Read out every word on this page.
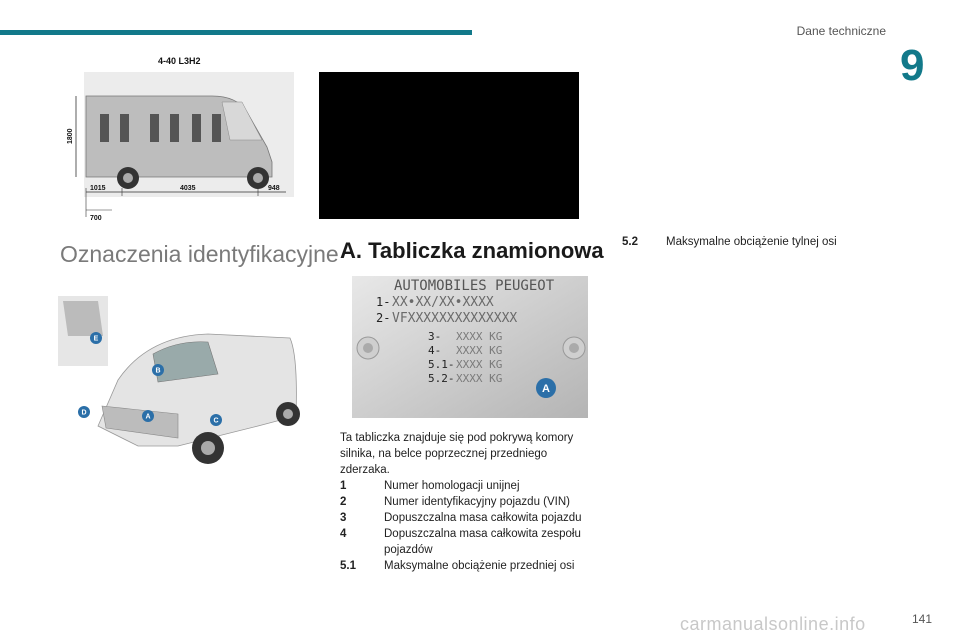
Dane techniczne
9
4-40 L3H2
1800
1015	4035	948
700
Oznaczenia identyfikacyjne
A
B
C
D
E
A. Tabliczka znamionowa
AUTOMOBILES PEUGEOT
1- XX•XX/XX•XXXX
2- VFXXXXXXXXXXXXXX
3- XXXX KG
4- XXXX KG
5.1- XXXX KG
5.2- XXXX KG
A

Ta tabliczka znajduje się pod pokrywą komory silnika, na belce poprzecznej przedniego zderzaka.

1	Numer homologacji unijnej
2	Numer identyfikacyjny pojazdu (VIN)
3	Dopuszczalna masa całkowita pojazdu
4	Dopuszczalna masa całkowita zespołu pojazdów
5.1	Maksymalne obciążenie przedniej osi
5.2	Maksymalne obciążenie tylnej osi
carmanualsonline.info	141
